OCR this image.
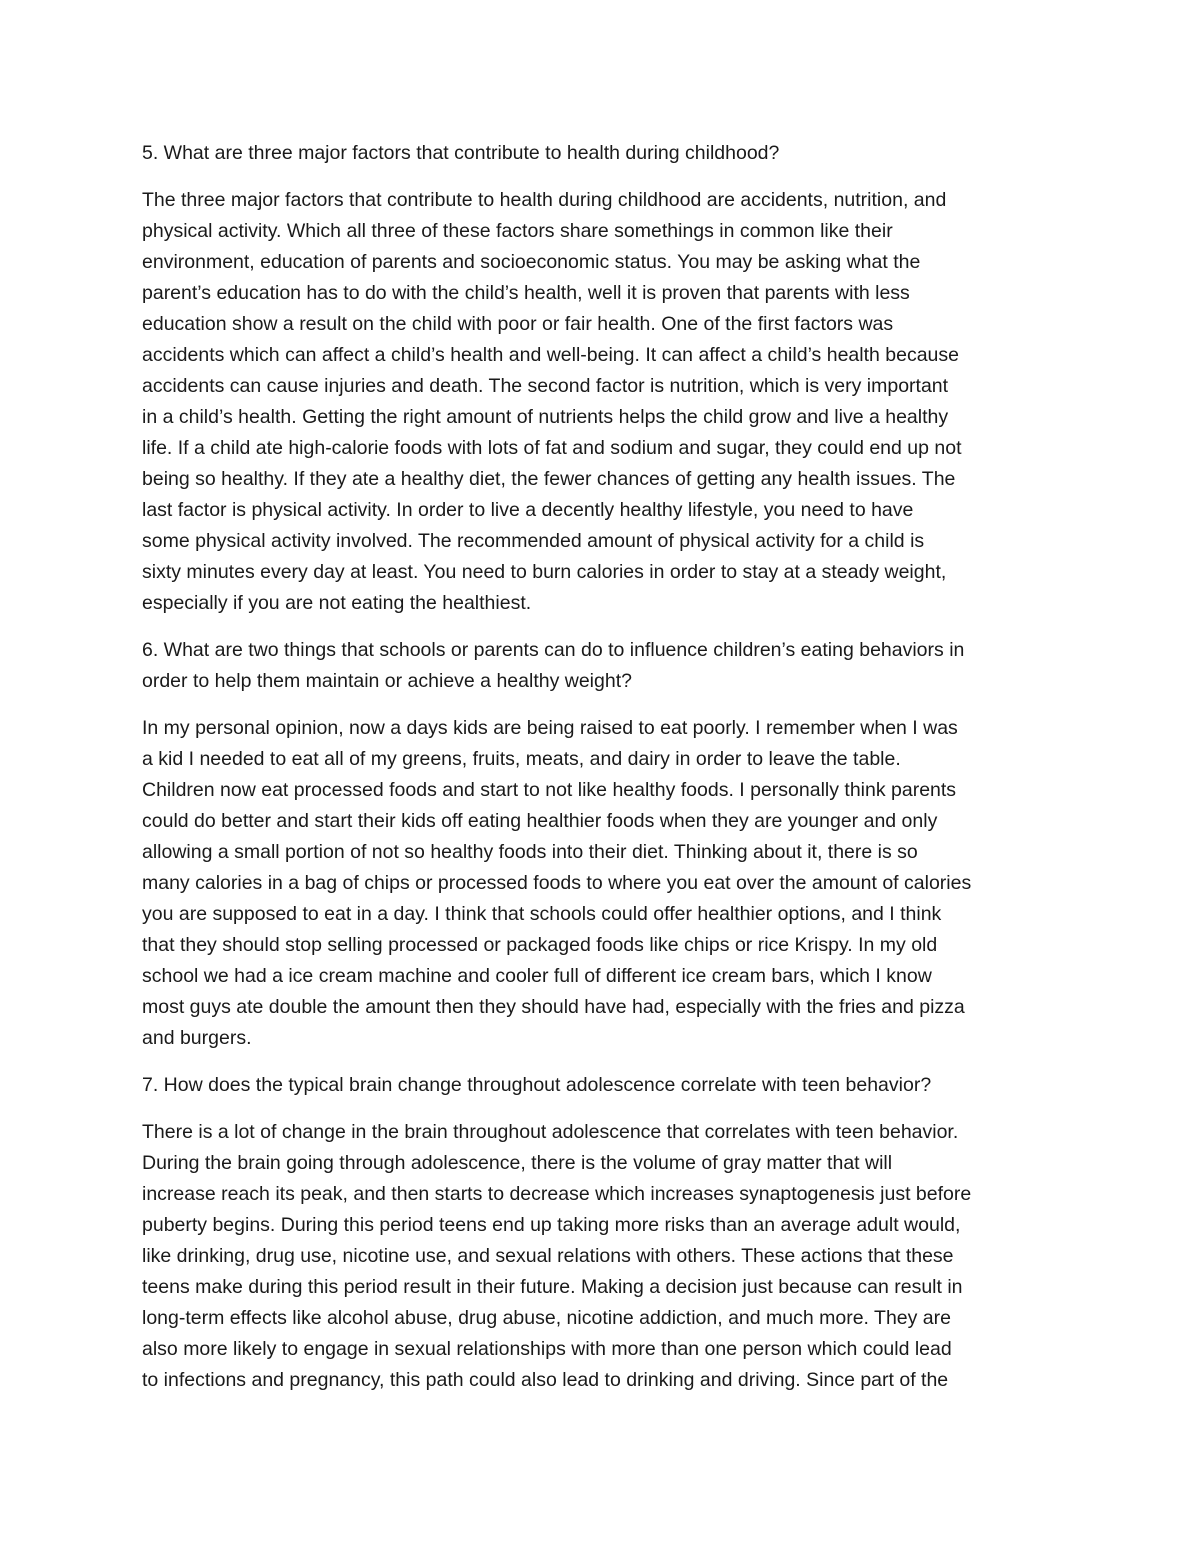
5. What are three major factors that contribute to health during childhood?
The three major factors that contribute to health during childhood are accidents, nutrition, and
physical activity. Which all three of these factors share somethings in common like their
environment, education of parents and socioeconomic status. You may be asking what the
parent’s education has to do with the child’s health, well it is proven that parents with less
education show a result on the child with poor or fair health. One of the first factors was
accidents which can affect a child’s health and well-being. It can affect a child’s health because
accidents can cause injuries and death. The second factor is nutrition, which is very important
in a child’s health. Getting the right amount of nutrients helps the child grow and live a healthy
life. If a child ate high-calorie foods with lots of fat and sodium and sugar, they could end up not
being so healthy. If they ate a healthy diet, the fewer chances of getting any health issues. The
last factor is physical activity. In order to live a decently healthy lifestyle, you need to have
some physical activity involved. The recommended amount of physical activity for a child is
sixty minutes every day at least. You need to burn calories in order to stay at a steady weight,
especially if you are not eating the healthiest.
6. What are two things that schools or parents can do to influence children’s eating behaviors in
order to help them maintain or achieve a healthy weight?
In my personal opinion, now a days kids are being raised to eat poorly. I remember when I was
a kid I needed to eat all of my greens, fruits, meats, and dairy in order to leave the table.
Children now eat processed foods and start to not like healthy foods. I personally think parents
could do better and start their kids off eating healthier foods when they are younger and only
allowing a small portion of not so healthy foods into their diet. Thinking about it, there is so
many calories in a bag of chips or processed foods to where you eat over the amount of calories
you are supposed to eat in a day. I think that schools could offer healthier options, and I think
that they should stop selling processed or packaged foods like chips or rice Krispy. In my old
school we had a ice cream machine and cooler full of different ice cream bars, which I know
most guys ate double the amount then they should have had, especially with the fries and pizza
and burgers.
7. How does the typical brain change throughout adolescence correlate with teen behavior?
There is a lot of change in the brain throughout adolescence that correlates with teen behavior.
During the brain going through adolescence, there is the volume of gray matter that will
increase reach its peak, and then starts to decrease which increases synaptogenesis just before
puberty begins. During this period teens end up taking more risks than an average adult would,
like drinking, drug use, nicotine use, and sexual relations with others. These actions that these
teens make during this period result in their future. Making a decision just because can result in
long-term effects like alcohol abuse, drug abuse, nicotine addiction, and much more. They are
also more likely to engage in sexual relationships with more than one person which could lead
to infections and pregnancy, this path could also lead to drinking and driving. Since part of the
